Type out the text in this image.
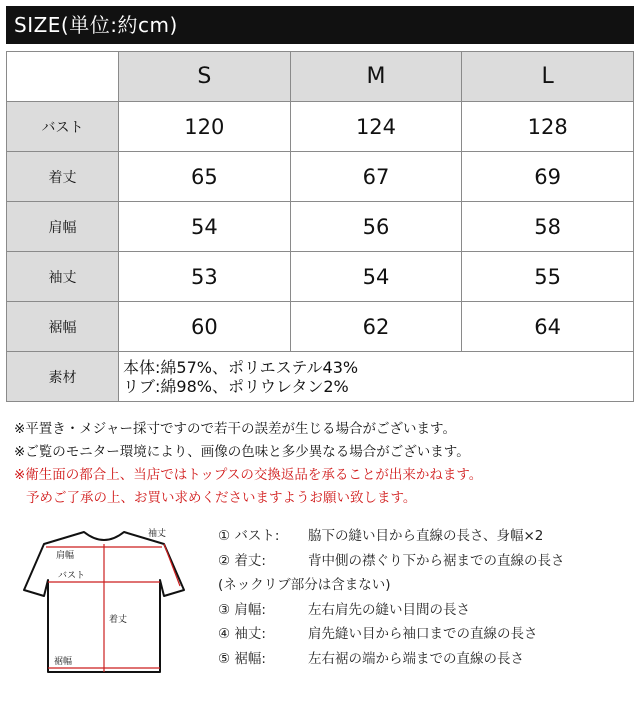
SIZE(単位:約cm)
	S	M	L
バスト	120	124	128
着丈	65	67	69
肩幅	54	56	58
袖丈	53	54	55
裾幅	60	62	64
素材	本体:綿57%、ポリエステル43%
リブ:綿98%、ポリウレタン2%		
※平置き・メジャー採寸ですので若干の誤差が生じる場合がございます。
※ご覧のモニター環境により、画像の色味と多少異なる場合がございます。
※衛生面の都合上、当店ではトップスの交換返品を承ることが出来かねます。
予めご了承の上、お買い求めくださいますようお願い致します。
袖丈
肩幅
バスト
着丈
裾幅
① バスト:	脇下の縫い目から直線の長さ、身幅×2
② 着丈:	背中側の襟ぐり下から裾までの直線の長さ
(ネックリブ部分は含まない)
③ 肩幅:	左右肩先の縫い目間の長さ
④ 袖丈:	肩先縫い目から袖口までの直線の長さ
⑤ 裾幅:	左右裾の端から端までの直線の長さ
